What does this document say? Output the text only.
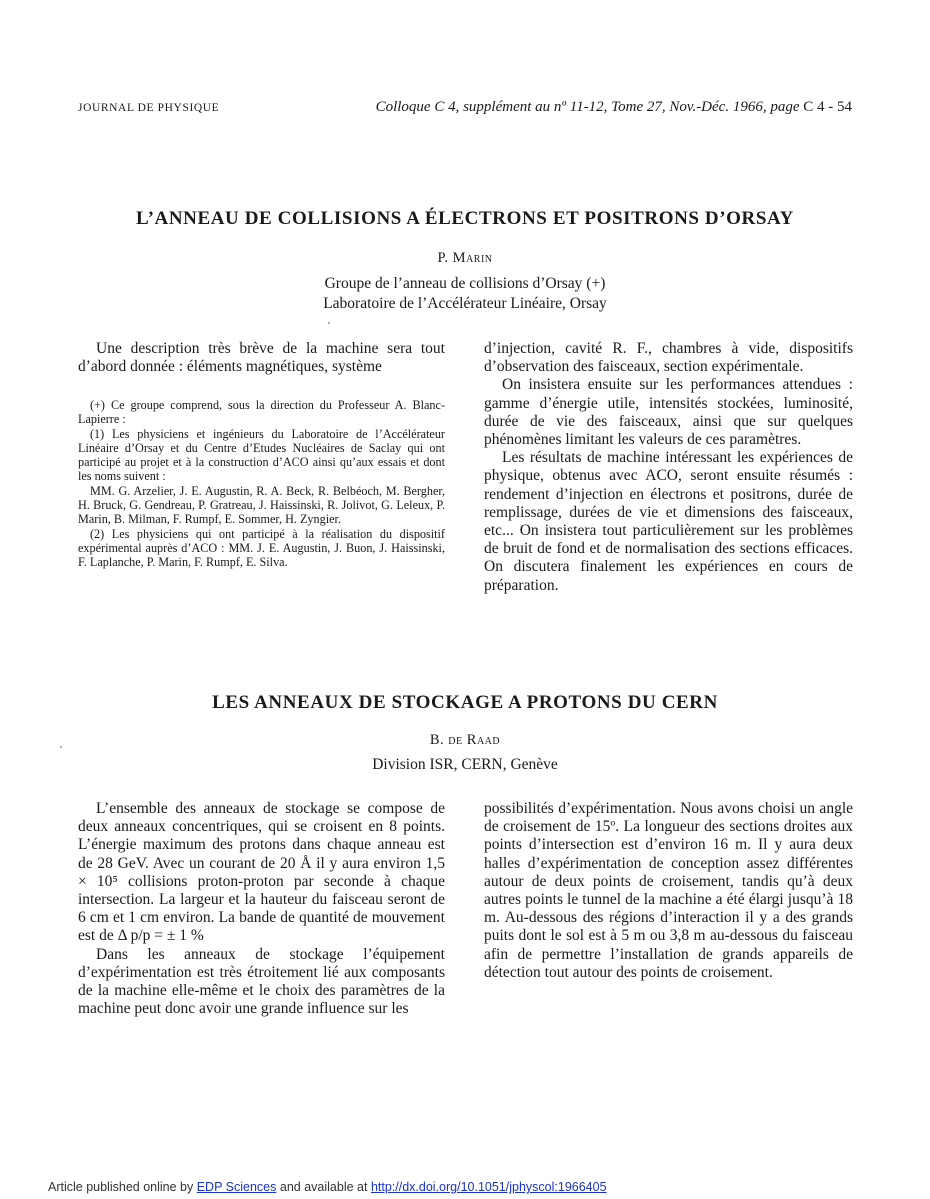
JOURNAL DE PHYSIQUE	Colloque C 4, supplément au nº 11-12, Tome 27, Nov.-Déc. 1966, page C 4 - 54
L’ANNEAU DE COLLISIONS A ÉLECTRONS ET POSITRONS D’ORSAY
P. Marin
Groupe de l’anneau de collisions d’Orsay (+)
Laboratoire de l’Accélérateur Linéaire, Orsay

Une description très brève de la machine sera tout d’abord donnée : éléments magnétiques, système

(+) Ce groupe comprend, sous la direction du Professeur A. Blanc-Lapierre :

(1) Les physiciens et ingénieurs du Laboratoire de l’Accélérateur Linéaire d’Orsay et du Centre d’Etudes Nucléaires de Saclay qui ont participé au projet et à la construction d’ACO ainsi qu’aux essais et dont les noms suivent :

MM. G. Arzelier, J. E. Augustin, R. A. Beck, R. Belbéoch, M. Bergher, H. Bruck, G. Gendreau, P. Gratreau, J. Haissinski, R. Jolivot, G. Leleux, P. Marin, B. Milman, F. Rumpf, E. Sommer, H. Zyngier.

(2) Les physiciens qui ont participé à la réalisation du dispositif expérimental auprès d’ACO : MM. J. E. Augustin, J. Buon, J. Haissinski, F. Laplanche, P. Marin, F. Rumpf, E. Silva.

d’injection, cavité R. F., chambres à vide, dispositifs d’observation des faisceaux, section expérimentale.

On insistera ensuite sur les performances attendues : gamme d’énergie utile, intensités stockées, luminosité, durée de vie des faisceaux, ainsi que sur quelques phénomènes limitant les valeurs de ces paramètres.

Les résultats de machine intéressant les expériences de physique, obtenus avec ACO, seront ensuite résumés : rendement d’injection en électrons et positrons, durée de remplissage, durées de vie et dimensions des faisceaux, etc... On insistera tout particulièrement sur les problèmes de bruit de fond et de normalisation des sections efficaces. On discutera finalement les expériences en cours de préparation.

LES ANNEAUX DE STOCKAGE A PROTONS DU CERN
B. de Raad
Division ISR, CERN, Genève

L’ensemble des anneaux de stockage se compose de deux anneaux concentriques, qui se croisent en 8 points. L’énergie maximum des protons dans chaque anneau est de 28 GeV. Avec un courant de 20 Å il y aura environ 1,5 × 10⁵ collisions proton-proton par seconde à chaque intersection. La largeur et la hauteur du faisceau seront de 6 cm et 1 cm environ. La bande de quantité de mouvement est de Δ p/p = ± 1 %

Dans les anneaux de stockage l’équipement d’expérimentation est très étroitement lié aux composants de la machine elle-même et le choix des paramètres de la machine peut donc avoir une grande influence sur les

possibilités d’expérimentation. Nous avons choisi un angle de croisement de 15º. La longueur des sections droites aux points d’intersection est d’environ 16 m. Il y aura deux halles d’expérimentation de conception assez différentes autour de deux points de croisement, tandis qu’à deux autres points le tunnel de la machine a été élargi jusqu’à 18 m. Au-dessous des régions d’interaction il y a des grands puits dont le sol est à 5 m ou 3,8 m au-dessous du faisceau afin de permettre l’installation de grands appareils de détection tout autour des points de croisement.

Article published online by EDP Sciences and available at http://dx.doi.org/10.1051/jphyscol:1966405
